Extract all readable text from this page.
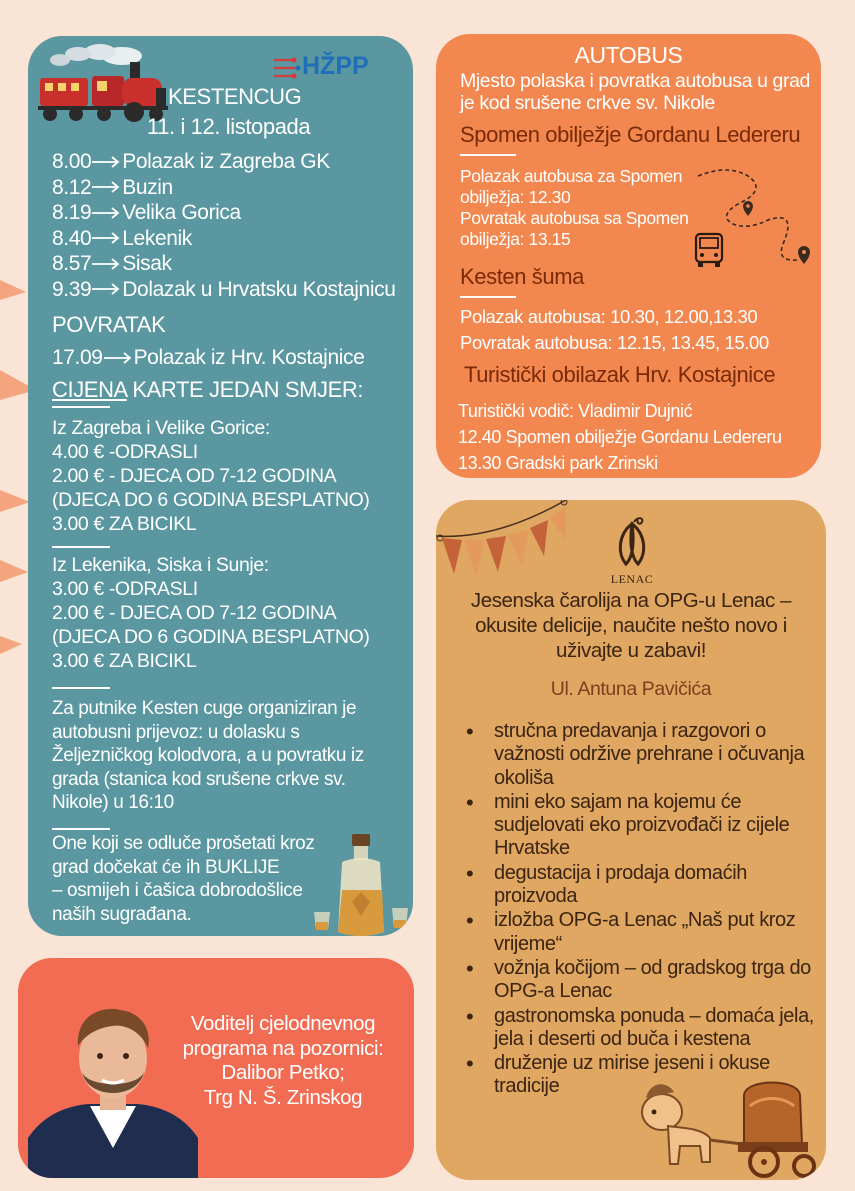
HŽPP
KESTENCUG
11. i 12. listopada
8.00 Polazak iz Zagreba GK
8.12 Buzin
8.19 Velika Gorica
8.40 Lekenik
8.57 Sisak
9.39 Dolazak u Hrvatsku Kostajnicu
POVRATAK
17.09 Polazak iz Hrv. Kostajnice
CIJENA KARTE JEDAN SMJER:
Iz Zagreba i Velike Gorice:
4.00 € -ODRASLI
2.00 € - DJECA OD 7-12 GODINA
(DJECA DO 6 GODINA BESPLATNO)
3.00 € ZA BICIKL
Iz Lekenika, Siska i Sunje:
3.00 € -ODRASLI
2.00 € - DJECA OD 7-12 GODINA
(DJECA DO 6 GODINA BESPLATNO)
3.00 € ZA BICIKL
Za putnike Kesten cuge organiziran je
autobusni prijevoz: u dolasku s
Željezničkog kolodvora, a u povratku iz
grada (stanica kod srušene crkve sv.
Nikole) u 16:10
One koji se odluče prošetati kroz
grad dočekat će ih BUKLIJE
– osmijeh i čašica dobrodošlice
naših sugrađana.
AUTOBUS
Mjesto polaska i povratka autobusa u grad
je kod srušene crkve sv. Nikole
Spomen obilježje Gordanu Ledereru
Polazak autobusa za Spomen
obilježja: 12.30
Povratak autobusa sa Spomen
obilježja: 13.15
Kesten šuma
Polazak autobusa: 10.30, 12.00,13.30
Povratak autobusa: 12.15, 13.45, 15.00
Turistički obilazak Hrv. Kostajnice
Turistički vodič: Vladimir Dujnić
12.40 Spomen obilježje Gordanu Ledereru
13.30 Gradski park Zrinski
LENAC
Jesenska čarolija na OPG-u Lenac –
okusite delicije, naučite nešto novo i
uživajte u zabavi!
Ul. Antuna Pavičića
• stručna predavanja i razgovori o važnosti održive prehrane i očuvanja okoliša
• mini eko sajam na kojemu će sudjelovati eko proizvođači iz cijele Hrvatske
• degustacija i prodaja domaćih proizvoda
• izložba OPG-a Lenac „Naš put kroz vrijeme“
• vožnja kočijom – od gradskog trga do OPG-a Lenac
• gastronomska ponuda – domaća jela, jela i deserti od buča i kestena
• druženje uz mirise jeseni i okuse tradicije
Voditelj cjelodnevnog
programa na pozornici:
Dalibor Petko;
Trg N. Š. Zrinskog
